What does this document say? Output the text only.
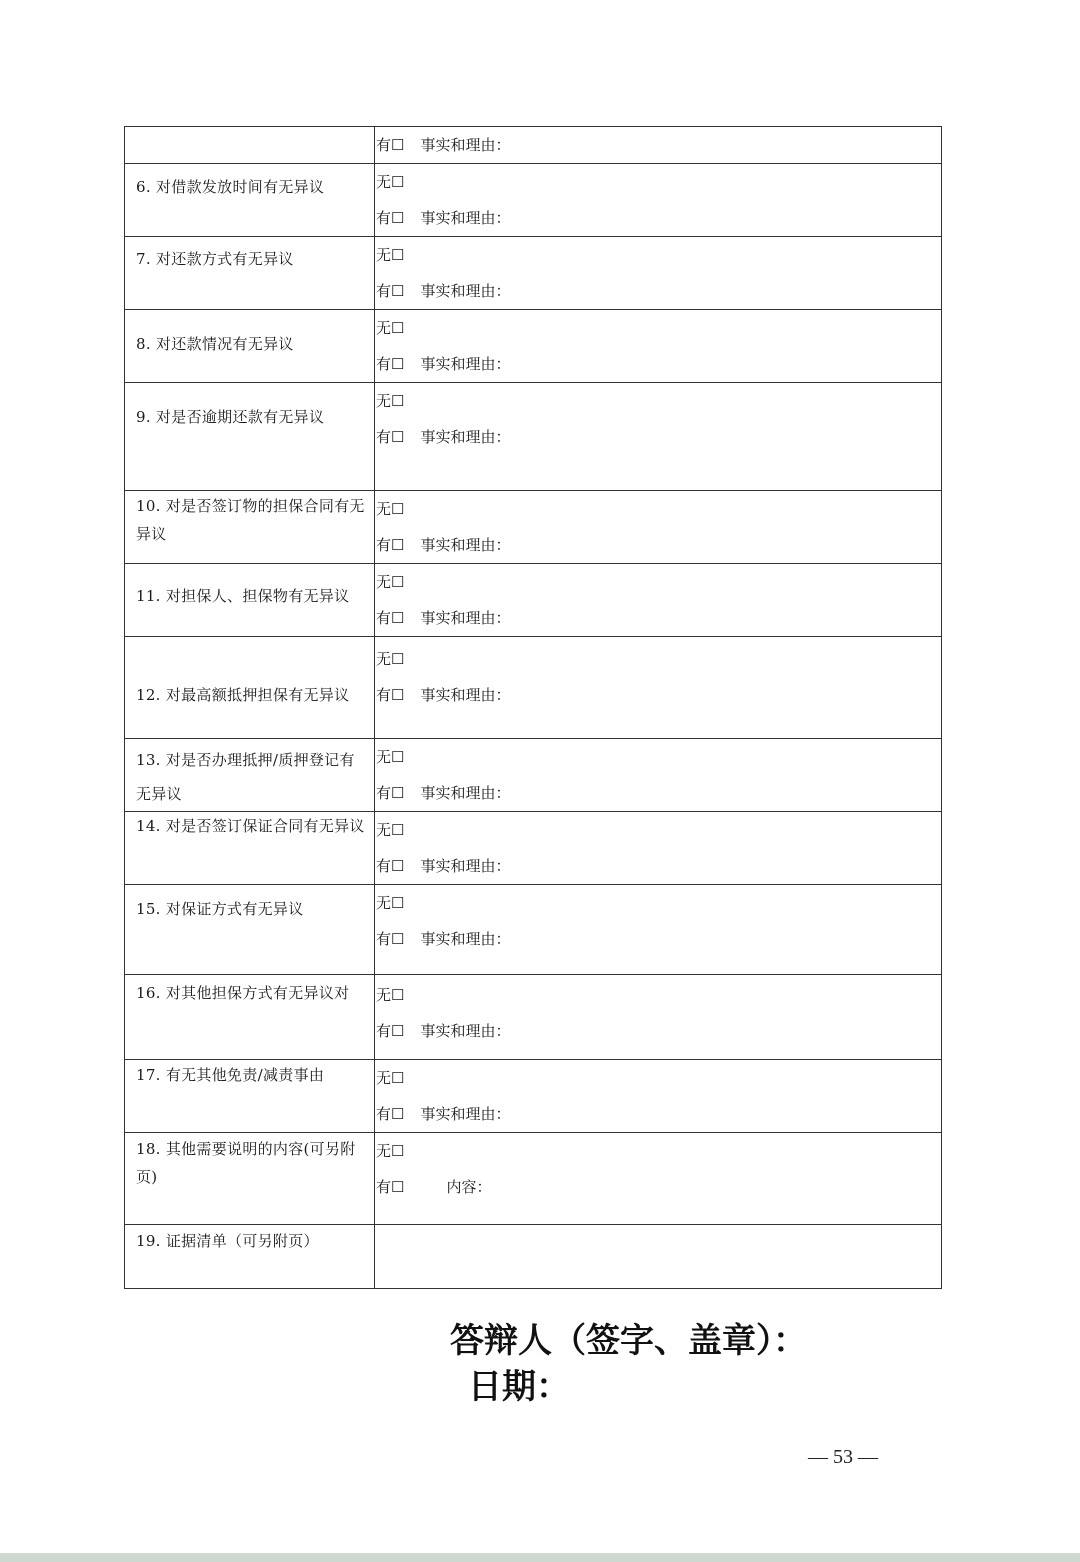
	有☐ 事实和理由：

6. 对借款发放时间有无异议	无☐
有☐ 事实和理由：

7. 对还款方式有无异议	无☐
有☐ 事实和理由：

8. 对还款情况有无异议	无☐
有☐ 事实和理由：

9. 对是否逾期还款有无异议	无☐
有☐ 事实和理由：

10. 对是否签订物的担保合同有无异议	无☐
有☐ 事实和理由：

11. 对担保人、担保物有无异议	无☐
有☐ 事实和理由：

12. 对最高额抵押担保有无异议	无☐
有☐ 事实和理由：

13. 对是否办理抵押/质押登记有无异议	无☐
有☐ 事实和理由：

14. 对是否签订保证合同有无异议	无☐
有☐ 事实和理由：

15. 对保证方式有无异议	无☐
有☐ 事实和理由：

16. 对其他担保方式有无异议对	无☐
有☐ 事实和理由：

17. 有无其他免责/减责事由	无☐
有☐ 事实和理由：

18. 其他需要说明的内容(可另附页)	无☐
有☐ 内容：

19. 证据清单（可另附页）	

答辩人（签字、盖章）：
日期：
— 53 —
